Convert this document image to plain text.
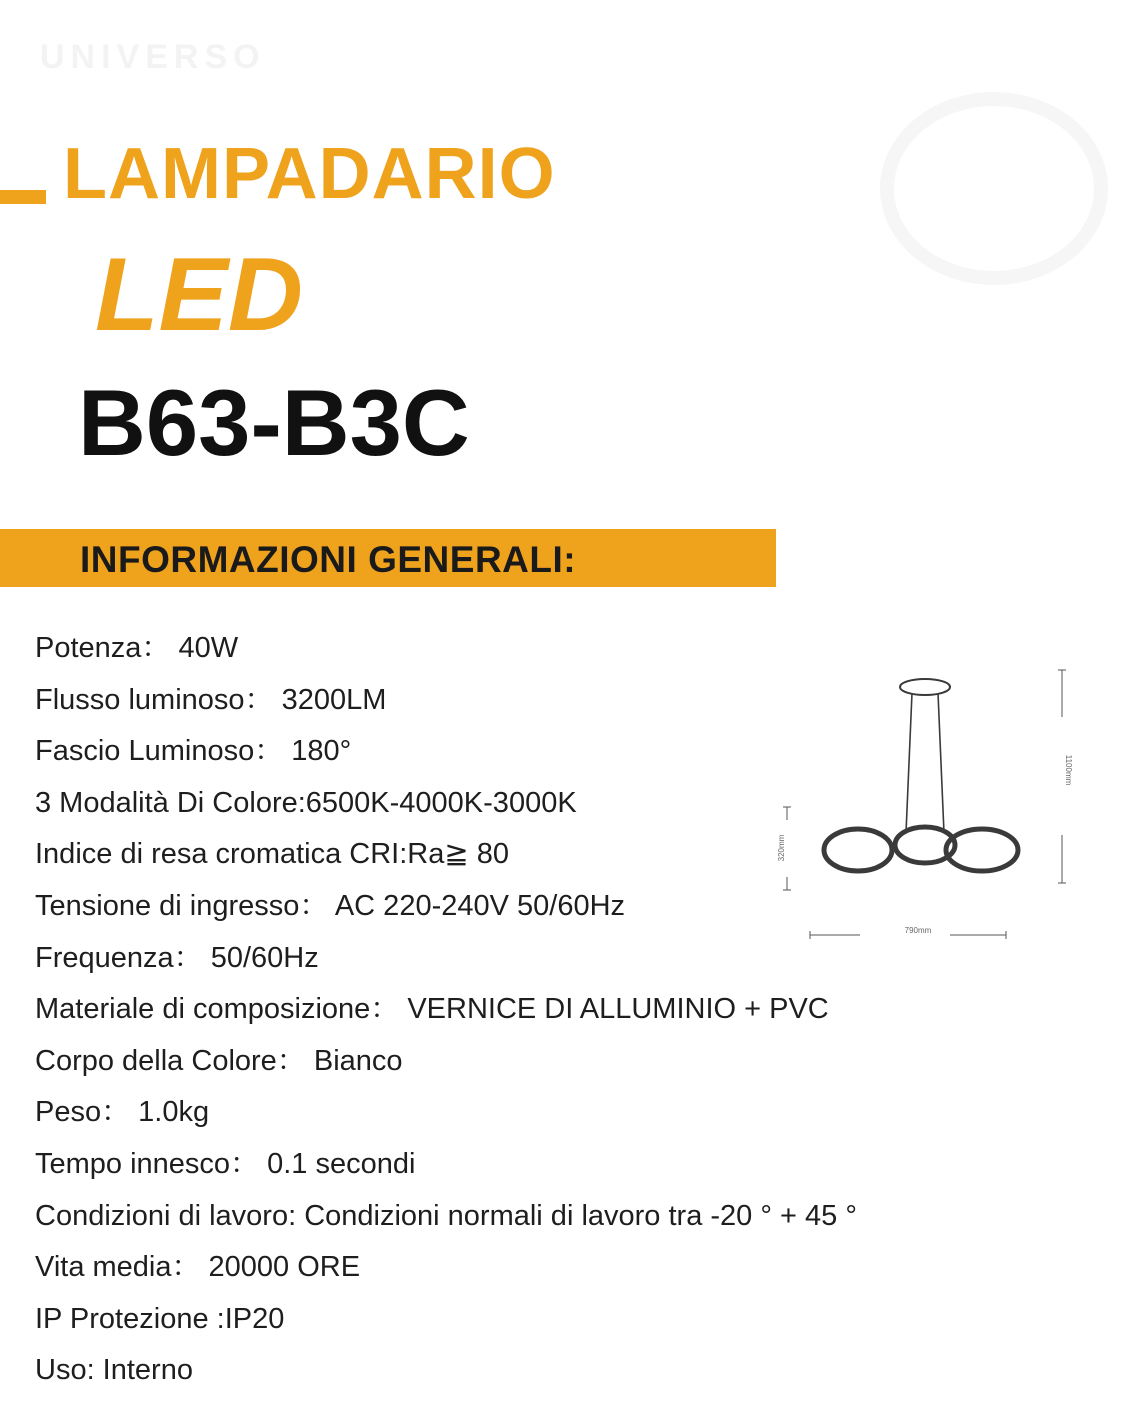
UNIVERSO
LAMPADARIO
LED
B63-B3C
INFORMAZIONI GENERALI:
Potenza： 40W
Flusso luminoso： 3200LM
Fascio Luminoso： 180°
3 Modalità Di Colore:6500K-4000K-3000K
Indice di resa cromatica CRI:Ra≧ 80
Tensione di ingresso： AC 220-240V 50/60Hz
Frequenza： 50/60Hz
Materiale di composizione： VERNICE DI ALLUMINIO + PVC
Corpo della Colore： Bianco
Peso： 1.0kg
Tempo innesco： 0.1 secondi
Condizioni di lavoro: Condizioni normali di lavoro tra -20 ° + 45 °
Vita media： 20000 ORE
IP Protezione :IP20
Uso: Interno
1100mm
320mm
790mm
